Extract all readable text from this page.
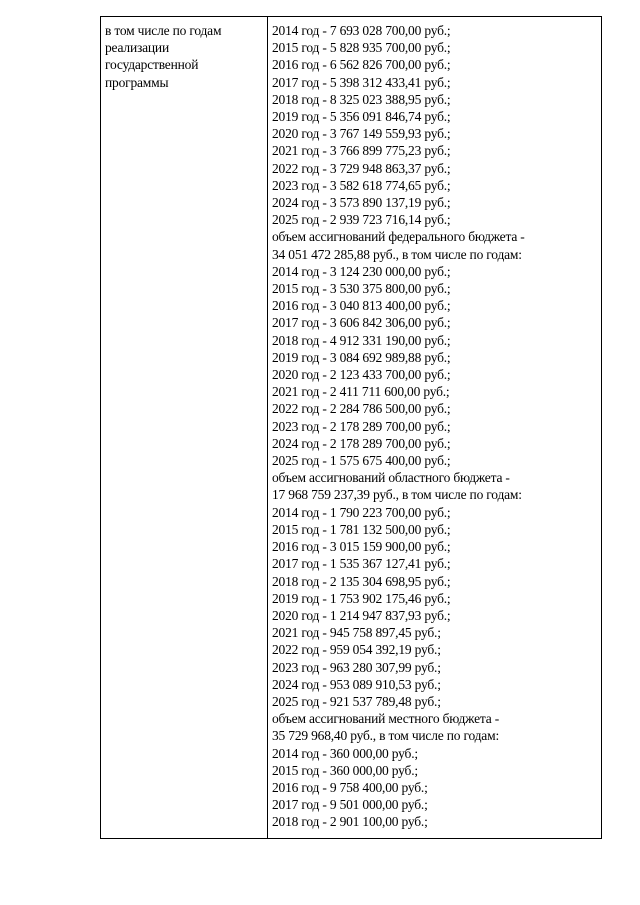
в том числе по годам
реализации
государственной
программы
2014 год - 7 693 028 700,00 руб.;
2015 год - 5 828 935 700,00 руб.;
2016 год - 6 562 826 700,00 руб.;
2017 год - 5 398 312 433,41 руб.;
2018 год - 8 325 023 388,95 руб.;
2019 год - 5 356 091 846,74 руб.;
2020 год - 3 767 149 559,93 руб.;
2021 год - 3 766 899 775,23 руб.;
2022 год - 3 729 948 863,37 руб.;
2023 год - 3 582 618 774,65 руб.;
2024 год - 3 573 890 137,19 руб.;
2025 год - 2 939 723 716,14 руб.;
объем ассигнований федерального бюджета -
34 051 472 285,88 руб., в том числе по годам:
2014 год - 3 124 230 000,00 руб.;
2015 год - 3 530 375 800,00 руб.;
2016 год - 3 040 813 400,00 руб.;
2017 год - 3 606 842 306,00 руб.;
2018 год - 4 912 331 190,00 руб.;
2019 год - 3 084 692 989,88 руб.;
2020 год - 2 123 433 700,00 руб.;
2021 год - 2 411 711 600,00 руб.;
2022 год - 2 284 786 500,00 руб.;
2023 год - 2 178 289 700,00 руб.;
2024 год - 2 178 289 700,00 руб.;
2025 год - 1 575 675 400,00 руб.;
объем ассигнований областного бюджета -
17 968 759 237,39 руб., в том числе по годам:
2014 год - 1 790 223 700,00 руб.;
2015 год - 1 781 132 500,00 руб.;
2016 год - 3 015 159 900,00 руб.;
2017 год - 1 535 367 127,41 руб.;
2018 год - 2 135 304 698,95 руб.;
2019 год - 1 753 902 175,46 руб.;
2020 год - 1 214 947 837,93 руб.;
2021 год - 945 758 897,45 руб.;
2022 год - 959 054 392,19 руб.;
2023 год - 963 280 307,99 руб.;
2024 год - 953 089 910,53 руб.;
2025 год - 921 537 789,48 руб.;
объем ассигнований местного бюджета -
35 729 968,40 руб., в том числе по годам:
2014 год - 360 000,00 руб.;
2015 год - 360 000,00 руб.;
2016 год - 9 758 400,00 руб.;
2017 год - 9 501 000,00 руб.;
2018 год - 2 901 100,00 руб.;
